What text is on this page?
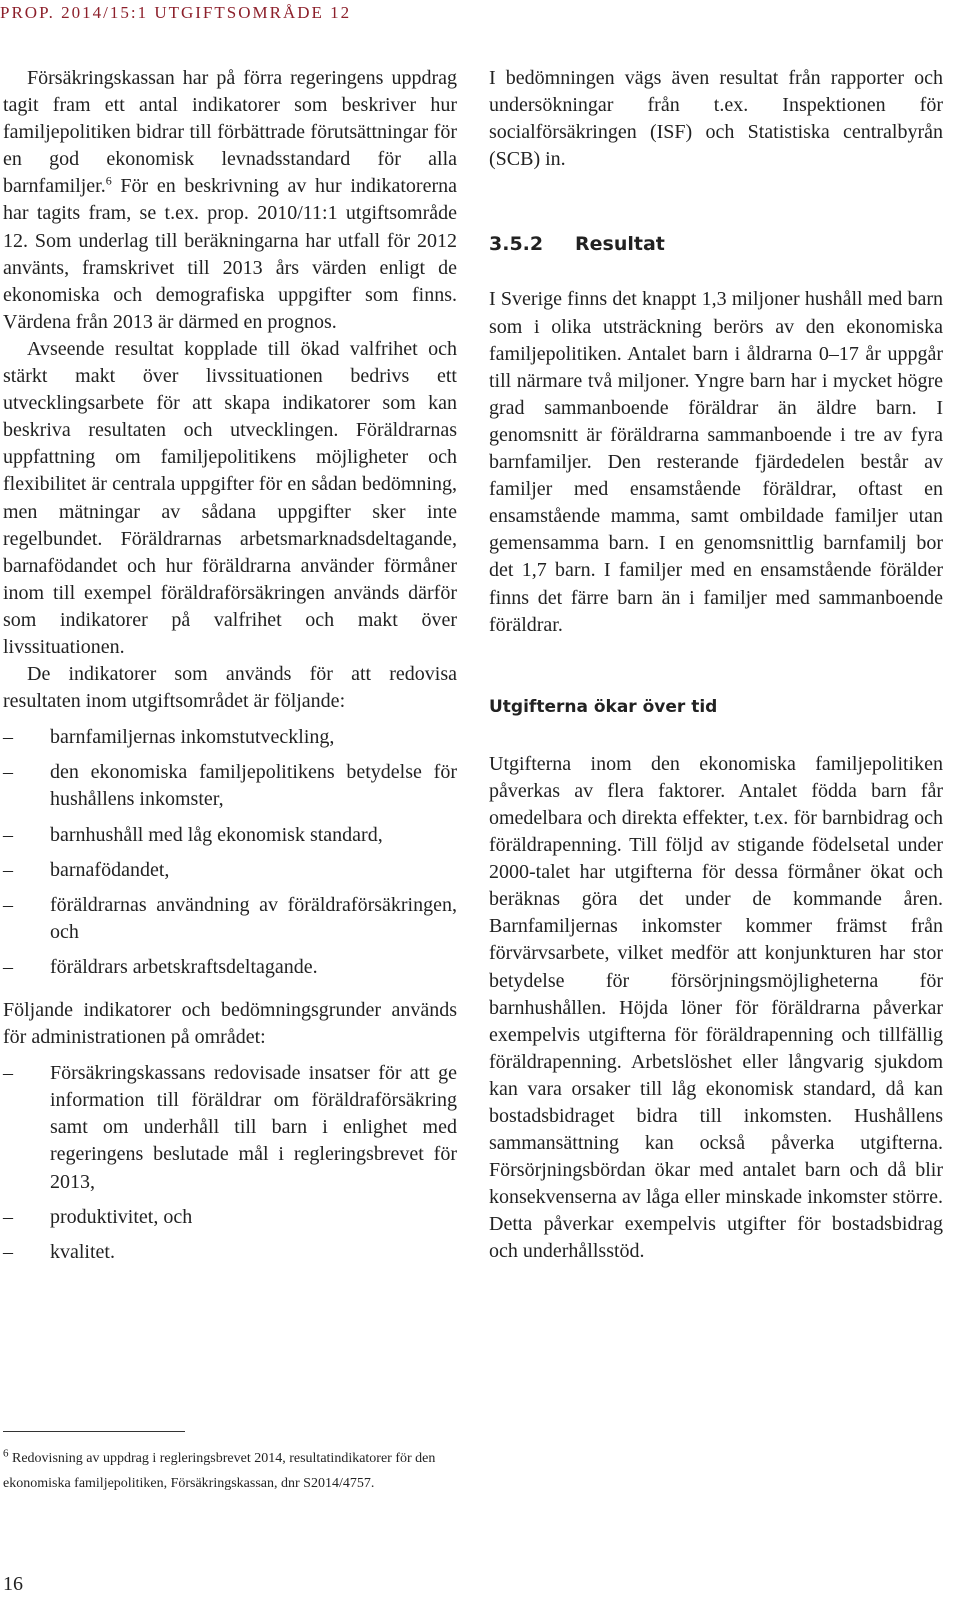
PROP. 2014/15:1 UTGIFTSOMRÅDE 12

Försäkringskassan har på förra regeringens uppdrag tagit fram ett antal indikatorer som beskriver hur familjepolitiken bidrar till förbättrade förutsättningar för en god ekonomisk levnadsstandard för alla barnfamiljer.$^6$ För en beskrivning av hur indikatorerna har tagits fram, se t.ex. prop. 2010/11:1 utgiftsområde 12. Som underlag till beräkningarna har utfall för 2012 använts, framskrivet till 2013 års värden enligt de ekonomiska och demografiska uppgifter som finns. Värdena från 2013 är därmed en prognos.

Avseende resultat kopplade till ökad valfrihet och stärkt makt över livssituationen bedrivs ett utvecklingsarbete för att skapa indikatorer som kan beskriva resultaten och utvecklingen. Föräldrarnas uppfattning om familjepolitikens möjligheter och flexibilitet är centrala uppgifter för en sådan bedömning, men mätningar av sådana uppgifter sker inte regelbundet. Föräldrarnas arbetsmarknadsdeltagande, barnafödandet och hur föräldrarna använder förmåner inom till exempel föräldraförsäkringen används därför som indikatorer på valfrihet och makt över livssituationen.

De indikatorer som används för att redovisa resultaten inom utgiftsområdet är följande:

– barnfamiljernas inkomstutveckling,
– den ekonomiska familjepolitikens betydelse för hushållens inkomster,
– barnhushåll med låg ekonomisk standard,
– barnafödandet,
– föräldrarnas användning av föräldraförsäkringen, och
– föräldrars arbetskraftsdeltagande.

Följande indikatorer och bedömningsgrunder används för administrationen på området:

– Försäkringskassans redovisade insatser för att ge information till föräldrar om föräldraförsäkring samt om underhåll till barn i enlighet med regeringens beslutade mål i regleringsbrevet för 2013,
– produktivitet, och
– kvalitet.

I bedömningen vägs även resultat från rapporter och undersökningar från t.ex. Inspektionen för socialförsäkringen (ISF) och Statistiska centralbyrån (SCB) in.

3.5.2 Resultat

I Sverige finns det knappt 1,3 miljoner hushåll med barn som i olika utsträckning berörs av den ekonomiska familjepolitiken. Antalet barn i åldrarna 0–17 år uppgår till närmare två miljoner. Yngre barn har i mycket högre grad sammanboende föräldrar än äldre barn. I genomsnitt är föräldrarna sammanboende i tre av fyra barnfamiljer. Den resterande fjärdedelen består av familjer med ensamstående föräldrar, oftast en ensamstående mamma, samt ombildade familjer utan gemensamma barn. I en genomsnittlig barnfamilj bor det 1,7 barn. I familjer med en ensamstående förälder finns det färre barn än i familjer med sammanboende föräldrar.

Utgifterna ökar över tid

Utgifterna inom den ekonomiska familjepolitiken påverkas av flera faktorer. Antalet födda barn får omedelbara och direkta effekter, t.ex. för barnbidrag och föräldrapenning. Till följd av stigande födelsetal under 2000-talet har utgifterna för dessa förmåner ökat och beräknas göra det under de kommande åren. Barnfamiljernas inkomster kommer främst från förvärvsarbete, vilket medför att konjunkturen har stor betydelse för försörjningsmöjligheterna för barnhushållen. Höjda löner för föräldrarna påverkar exempelvis utgifterna för föräldrapenning och tillfällig föräldrapenning. Arbetslöshet eller långvarig sjukdom kan vara orsaker till låg ekonomisk standard, då kan bostadsbidraget bidra till inkomsten. Hushållens sammansättning kan också påverka utgifterna. Försörjningsbördan ökar med antalet barn och då blir konsekvenserna av låga eller minskade inkomster större. Detta påverkar exempelvis utgifter för bostadsbidrag och underhållsstöd.

$^6$ Redovisning av uppdrag i regleringsbrevet 2014, resultatindikatorer för den ekonomiska familjepolitiken, Försäkringskassan, dnr S2014/4757.
16
